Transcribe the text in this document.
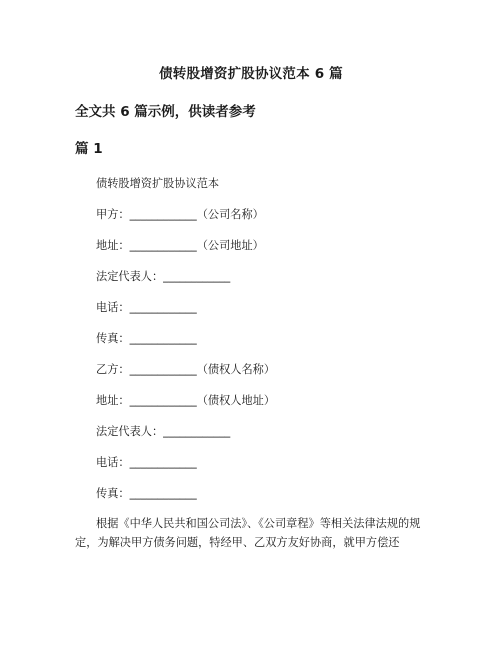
债转股增资扩股协议范本 6 篇
全文共 6 篇示例，供读者参考
篇 1
债转股增资扩股协议范本
甲方：____________（公司名称）
地址：____________（公司地址）
法定代表人：____________
电话：____________
传真：____________
乙方：____________（债权人名称）
地址：____________（债权人地址）
法定代表人：____________
电话：____________
传真：____________
根据《中华人民共和国公司法》、《公司章程》等相关法律法规的规定，为解决甲方债务问题，特经甲、乙双方友好协商，就甲方偿还
